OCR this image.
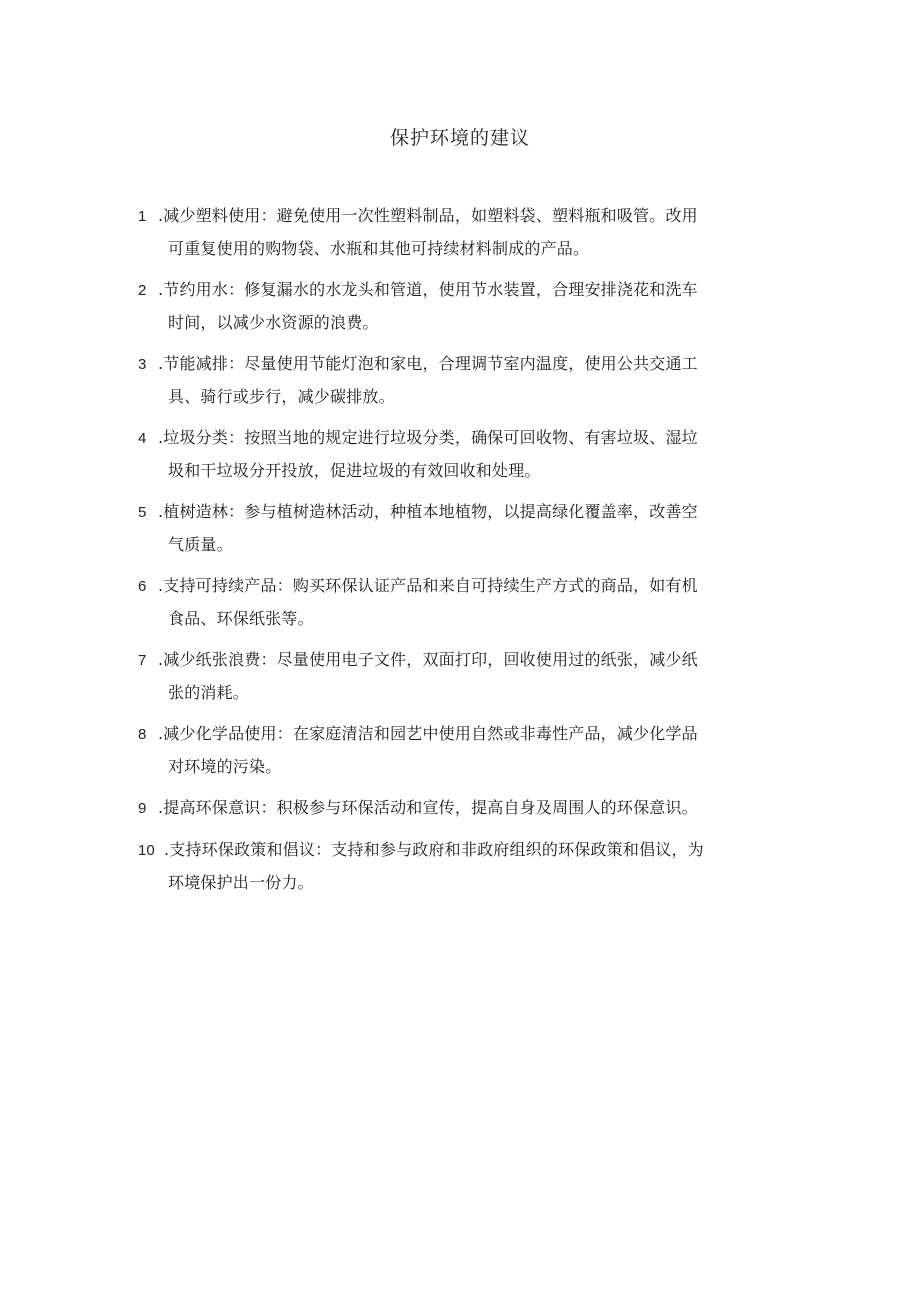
保护环境的建议
1 .减少塑料使用：避免使用一次性塑料制品，如塑料袋、塑料瓶和吸管。改用
可重复使用的购物袋、水瓶和其他可持续材料制成的产品。
2 .节约用水：修复漏水的水龙头和管道，使用节水装置，合理安排浇花和洗车
时间，以减少水资源的浪费。
3 .节能减排：尽量使用节能灯泡和家电，合理调节室内温度，使用公共交通工
具、骑行或步行，减少碳排放。
4 .垃圾分类：按照当地的规定进行垃圾分类，确保可回收物、有害垃圾、湿垃
圾和干垃圾分开投放，促进垃圾的有效回收和处理。
5 .植树造林：参与植树造林活动，种植本地植物，以提高绿化覆盖率，改善空
气质量。
6 .支持可持续产品：购买环保认证产品和来自可持续生产方式的商品，如有机
食品、环保纸张等。
7 .减少纸张浪费：尽量使用电子文件，双面打印，回收使用过的纸张，减少纸
张的消耗。
8 .减少化学品使用：在家庭清洁和园艺中使用自然或非毒性产品，减少化学品
对环境的污染。
9 .提高环保意识：积极参与环保活动和宣传，提高自身及周围人的环保意识。
10 .支持环保政策和倡议：支持和参与政府和非政府组织的环保政策和倡议，为
环境保护出一份力。
